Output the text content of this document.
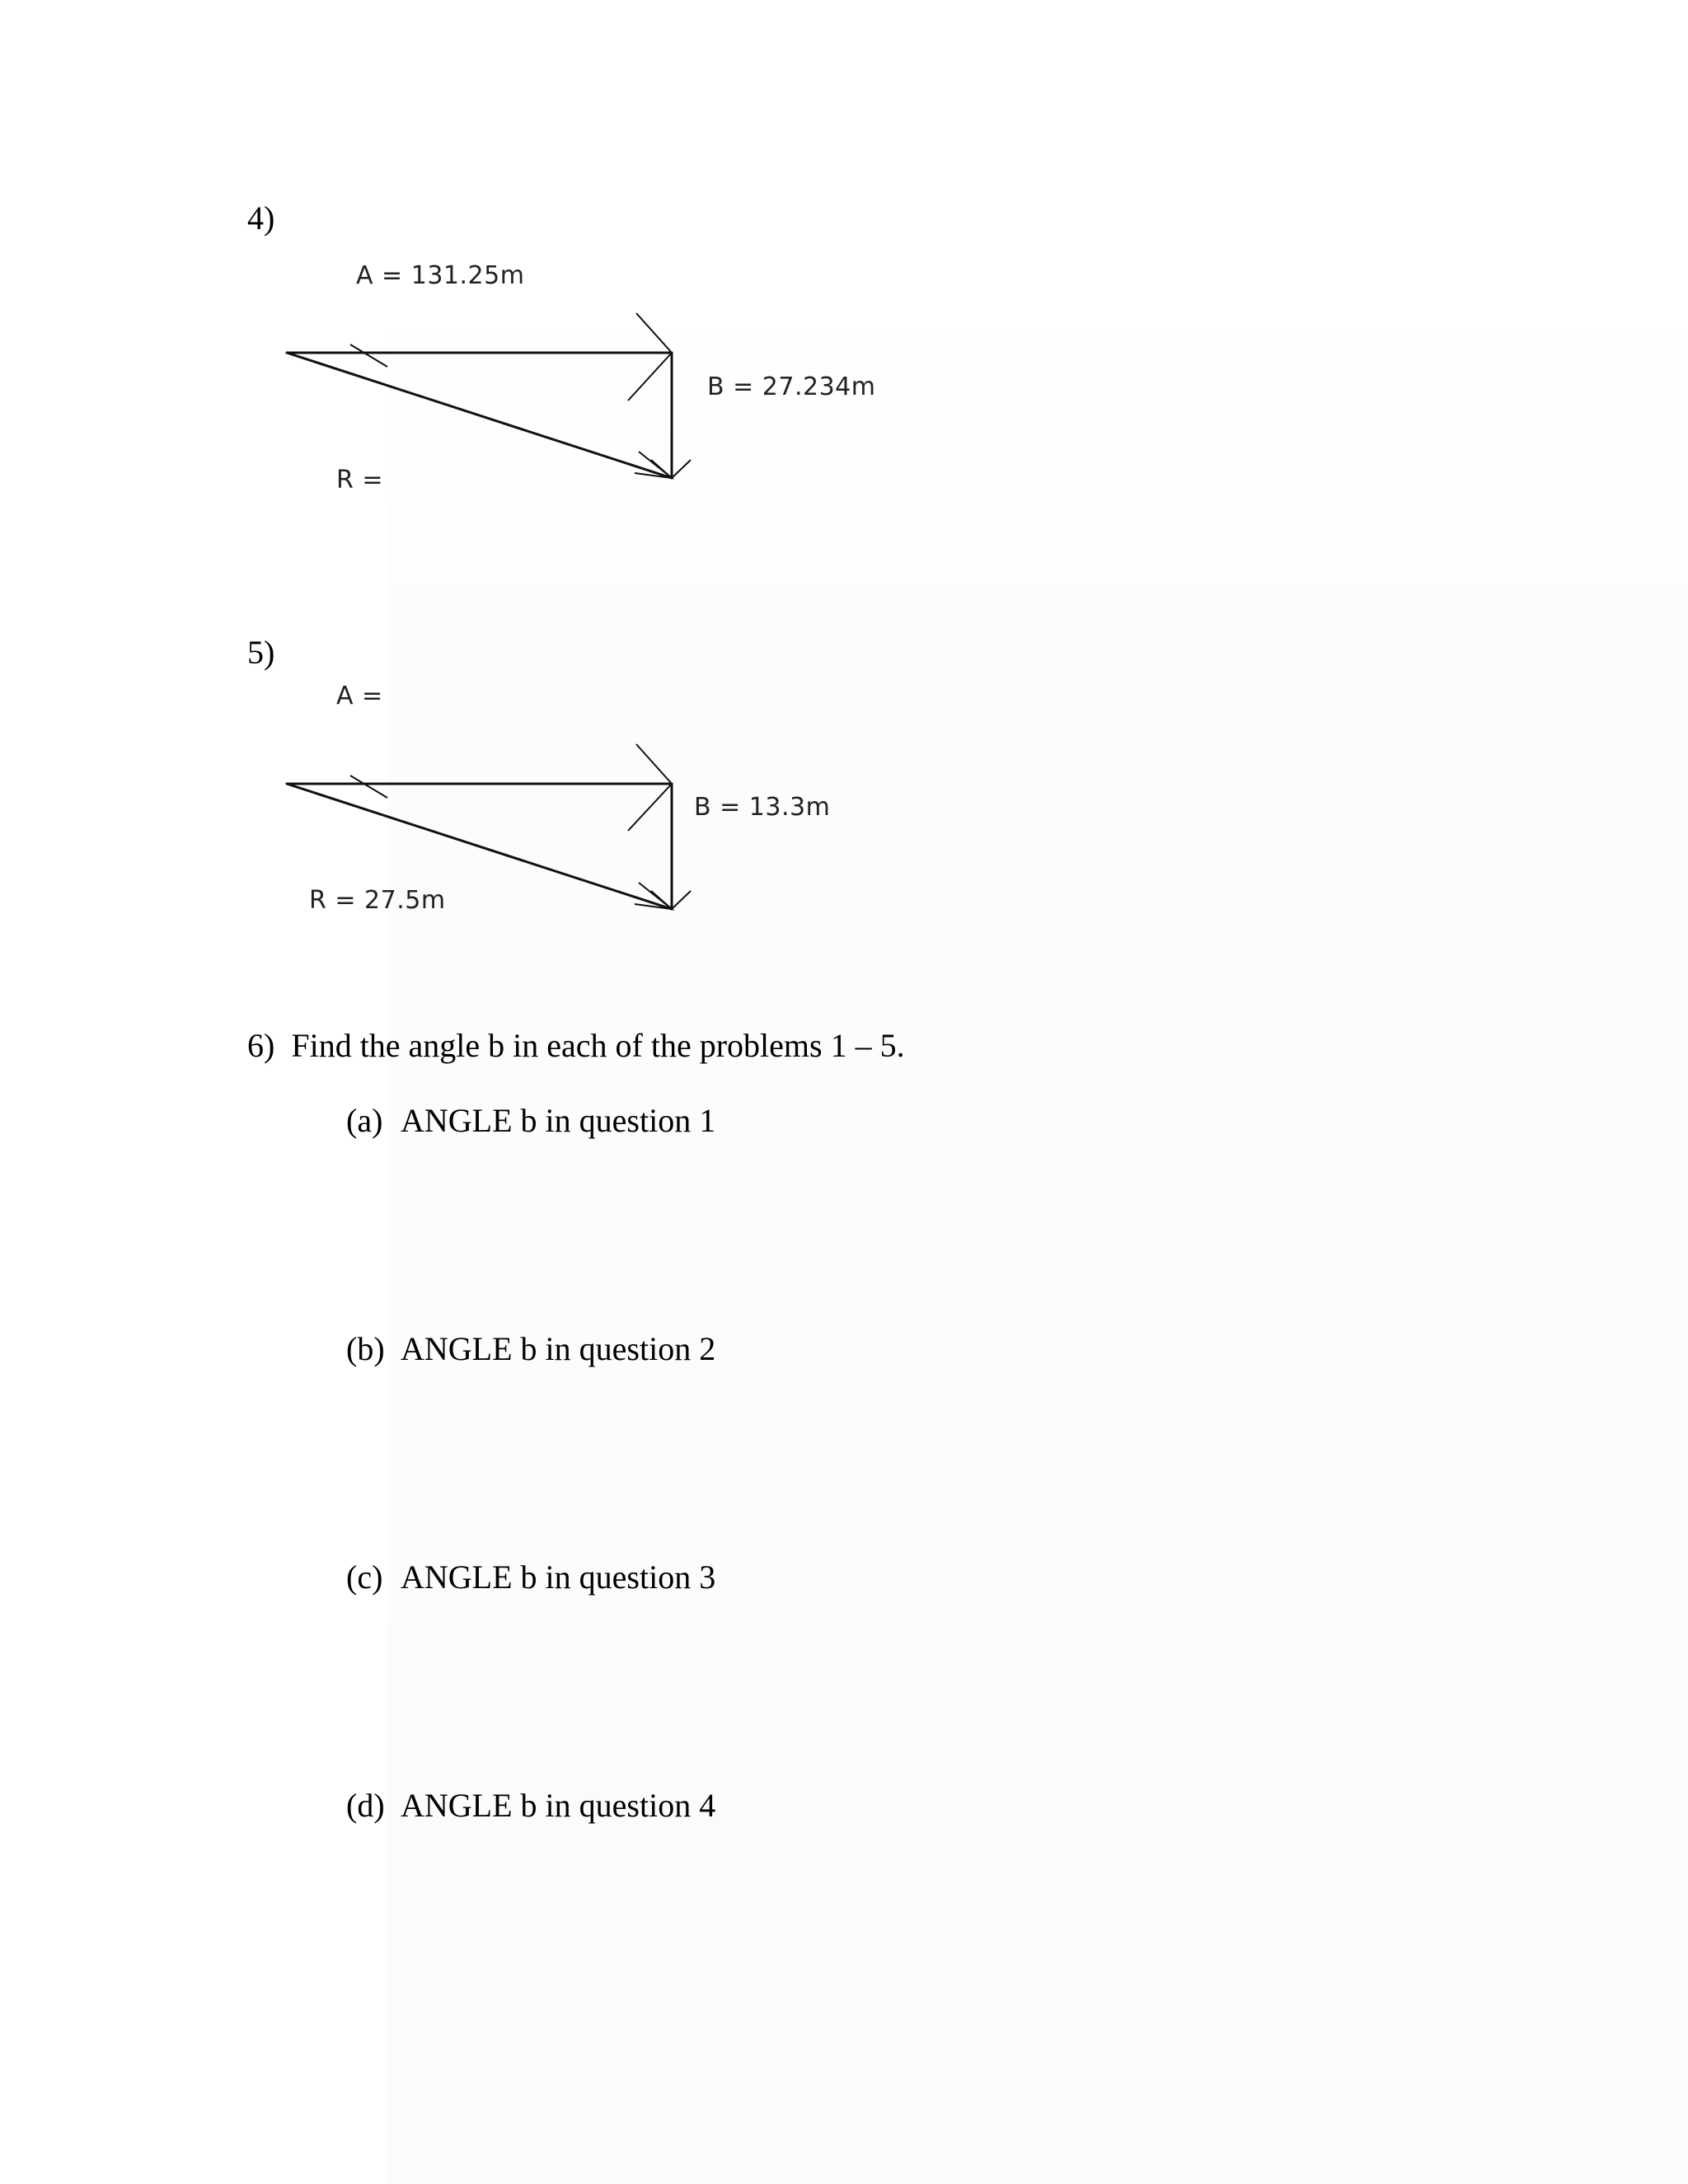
4)
A = 131.25m
B = 27.234m
R =
5)
A =
B = 13.3m
R = 27.5m
6) Find the angle b in each of the problems 1 – 5.
(a) ANGLE b in question 1
(b) ANGLE b in question 2
(c) ANGLE b in question 3
(d) ANGLE b in question 4
